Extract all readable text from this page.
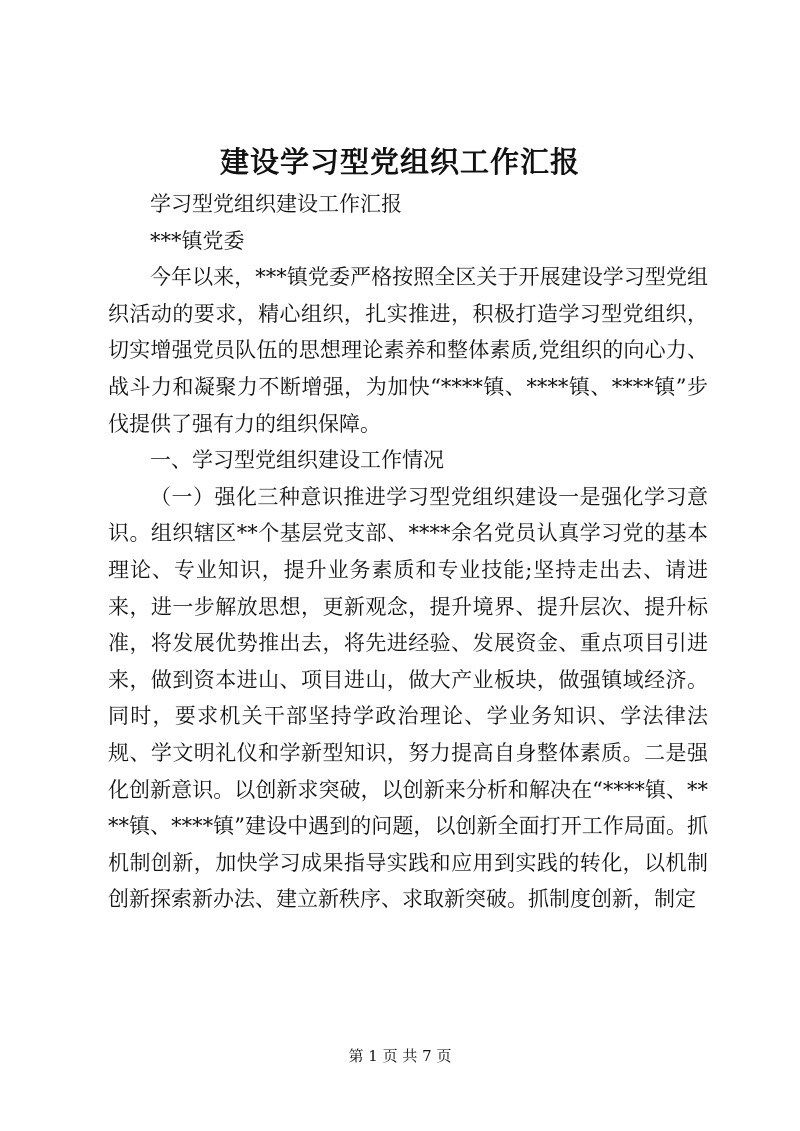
建设学习型党组织工作汇报

学习型党组织建设工作汇报

***镇党委

今年以来，***镇党委严格按照全区关于开展建设学习型党组织活动的要求，精心组织，扎实推进，积极打造学习型党组织，切实增强党员队伍的思想理论素养和整体素质,党组织的向心力、战斗力和凝聚力不断增强，为加快“****镇、****镇、****镇”步伐提供了强有力的组织保障。

一、学习型党组织建设工作情况

（一）强化三种意识推进学习型党组织建设一是强化学习意识。组织辖区**个基层党支部、****余名党员认真学习党的基本理论、专业知识，提升业务素质和专业技能;坚持走出去、请进来，进一步解放思想，更新观念，提升境界、提升层次、提升标准，将发展优势推出去，将先进经验、发展资金、重点项目引进来，做到资本进山、项目进山，做大产业板块，做强镇域经济。同时，要求机关干部坚持学政治理论、学业务知识、学法律法规、学文明礼仪和学新型知识，努力提高自身整体素质。二是强化创新意识。以创新求突破，以创新来分析和解决在“****镇、****镇、****镇”建设中遇到的问题，以创新全面打开工作局面。抓机制创新，加快学习成果指导实践和应用到实践的转化，以机制创新探索新办法、建立新秩序、求取新突破。抓制度创新，制定

第 1 页 共 7 页
